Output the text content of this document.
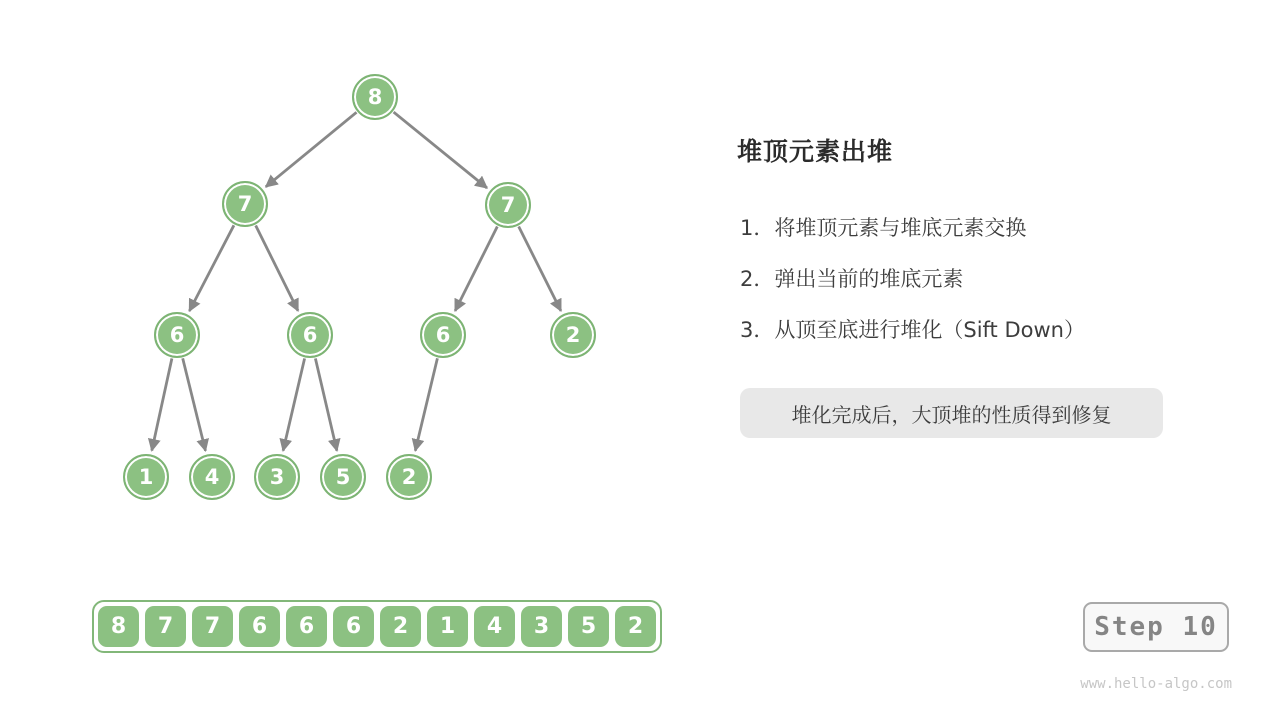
8
7	7
6	6	6	2
1	4	3	5	2
堆顶元素出堆
1．将堆顶元素与堆底元素交换
2．弹出当前的堆底元素
3．从顶至底进行堆化（Sift Down）
堆化完成后，大顶堆的性质得到修复
8	7	7	6	6	6	2	1	4	3	5	2	Step 10
www.hello-algo.com
